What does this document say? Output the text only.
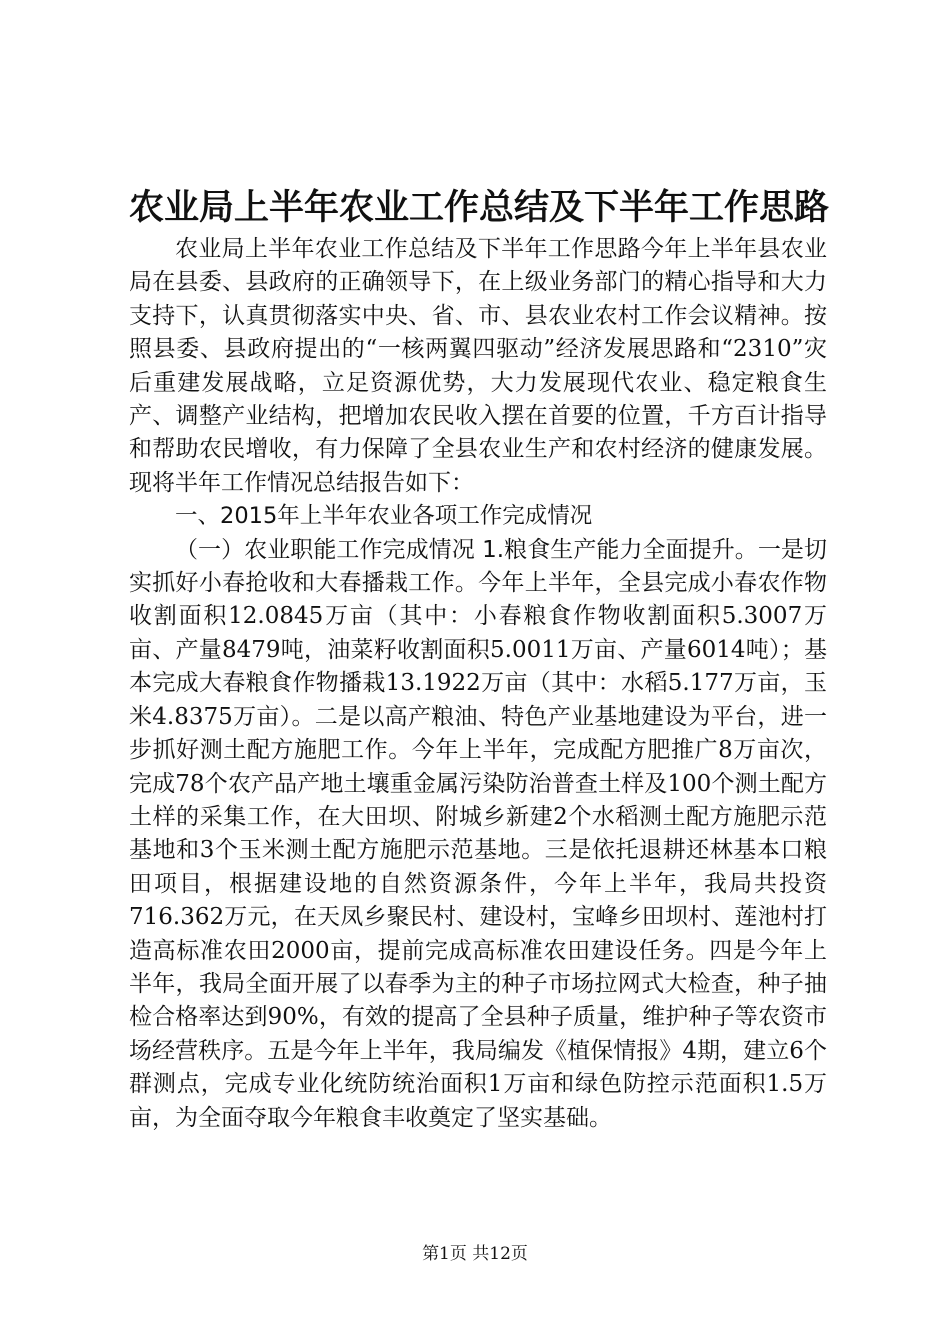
农业局上半年农业工作总结及下半年工作思路

农业局上半年农业工作总结及下半年工作思路今年上半年县农业局在县委、县政府的正确领导下，在上级业务部门的精心指导和大力支持下，认真贯彻落实中央、省、市、县农业农村工作会议精神。按照县委、县政府提出的“一核两翼四驱动”经济发展思路和“2310”灾后重建发展战略，立足资源优势，大力发展现代农业、稳定粮食生产、调整产业结构，把增加农民收入摆在首要的位置，千方百计指导和帮助农民增收，有力保障了全县农业生产和农村经济的健康发展。现将半年工作情况总结报告如下：

一、2015年上半年农业各项工作完成情况

（一）农业职能工作完成情况 1.粮食生产能力全面提升。一是切实抓好小春抢收和大春播栽工作。今年上半年，全县完成小春农作物收割面积12.0845万亩（其中：小春粮食作物收割面积5.3007万亩、产量8479吨，油菜籽收割面积5.0011万亩、产量6014吨）；基本完成大春粮食作物播栽13.1922万亩（其中：水稻5.177万亩，玉米4.8375万亩）。二是以高产粮油、特色产业基地建设为平台，进一步抓好测土配方施肥工作。今年上半年，完成配方肥推广8万亩次，完成78个农产品产地土壤重金属污染防治普查土样及100个测土配方土样的采集工作，在大田坝、附城乡新建2个水稻测土配方施肥示范基地和3个玉米测土配方施肥示范基地。三是依托退耕还林基本口粮田项目，根据建设地的自然资源条件，今年上半年，我局共投资716.362万元，在天凤乡聚民村、建设村，宝峰乡田坝村、莲池村打造高标准农田2000亩，提前完成高标准农田建设任务。四是今年上半年，我局全面开展了以春季为主的种子市场拉网式大检查，种子抽检合格率达到90%，有效的提高了全县种子质量，维护种子等农资市场经营秩序。五是今年上半年，我局编发《植保情报》4期，建立6个群测点，完成专业化统防统治面积1万亩和绿色防控示范面积1.5万亩，为全面夺取今年粮食丰收奠定了坚实基础。

第1页 共12页
